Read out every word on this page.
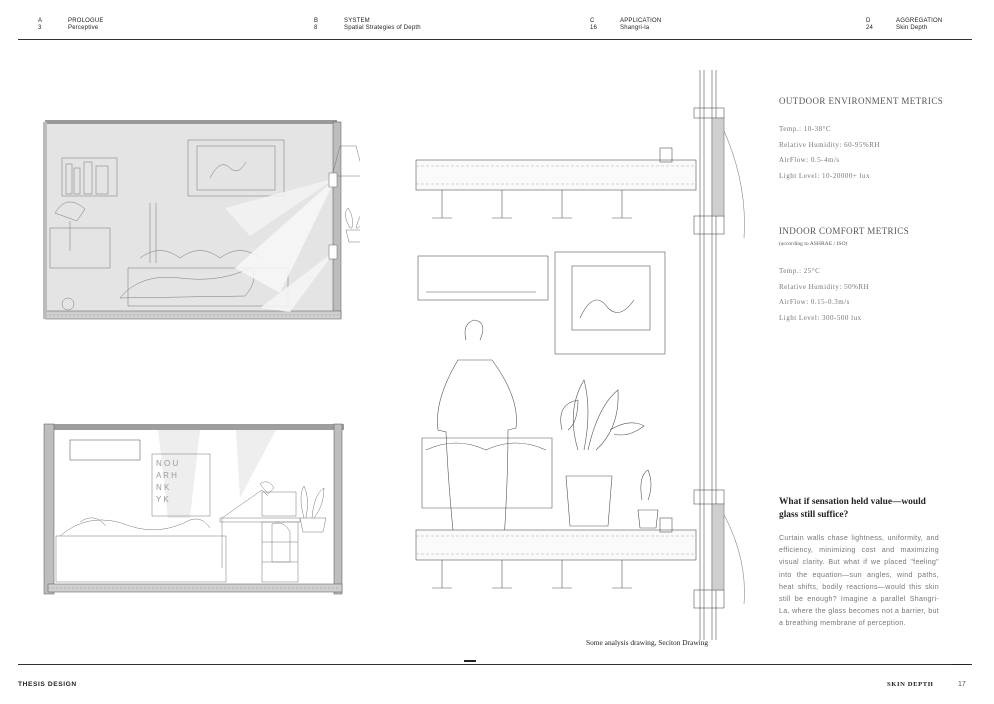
A	PROLOGUE
3	Perceptive
B	SYSTEM
8	Spatial Strategies of Depth
C	APPLICATION
16	Shangri-la
D	AGGREGATION
24	Skin Depth
N O U
A R H
N K
Y K
OUTDOOR ENVIRONMENT METRICS
Temp.: 10-38°C
Relative Humidity: 60-95%RH
AirFlow: 0.5-4m/s
Light Level: 10-20000+ lux
INDOOR COMFORT METRICS
(according to ASHRAE / ISO)
Temp.: 25°C
Relative Humidity: 50%RH
AirFlow: 0.15-0.3m/s
Light Level: 300-500 lux
What if sensation held value—would glass still suffice?
Curtain walls chase lightness, uniformity, and efficiency, minimizing cost and maximizing visual clarity. But what if we placed "feeling" into the equation—sun angles, wind paths, heat shifts, bodily reactions—would this skin still be enough? Imagine a parallel Shangri-La, where the glass becomes not a barrier, but a breathing membrane of perception.
Some analysis drawing, Seciton Drawing
THESIS DESIGN	SKIN DEPTH	17
